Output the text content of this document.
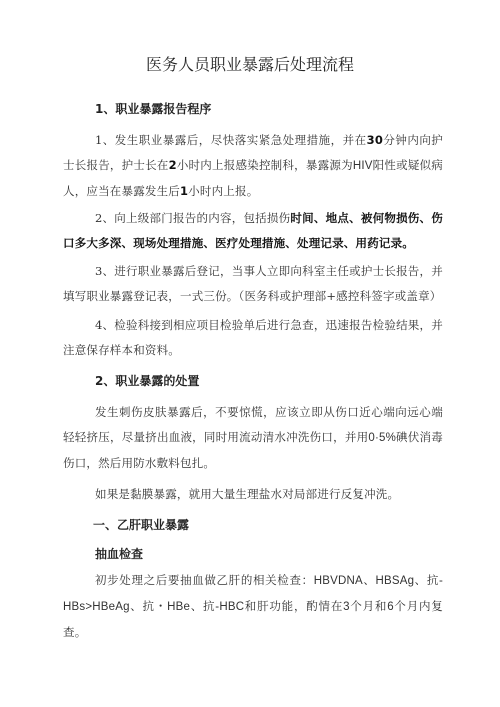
医务人员职业暴露后处理流程
1、职业暴露报告程序

1、发生职业暴露后，尽快落实紧急处理措施，并在30分钟内向护士长报告，护士长在2小时内上报感染控制科，暴露源为HIV阳性或疑似病人，应当在暴露发生后1小时内上报。

2、向上级部门报告的内容，包括损伤时间、地点、被何物损伤、伤口多大多深、现场处理措施、医疗处理措施、处理记录、用药记录。

3、进行职业暴露后登记，当事人立即向科室主任或护士长报告，并填写职业暴露登记表，一式三份。（医务科或护理部+感控科签字或盖章）

4、检验科接到相应项目检验单后进行急查，迅速报告检验结果，并注意保存样本和资料。

2、职业暴露的处置

发生刺伤皮肤暴露后，不要惊慌，应该立即从伤口近心端向远心端轻轻挤压，尽量挤出血液，同时用流动清水冲洗伤口，并用0·5%碘伏消毒伤口，然后用防水敷料包扎。

如果是黏膜暴露，就用大量生理盐水对局部进行反复冲洗。

一、乙肝职业暴露
抽血检查

初步处理之后要抽血做乙肝的相关检查：HBVDNA、HBSAg、抗-HBs>HBeAg、抗・HBe、抗-HBC和肝功能，酌情在3个月和6个月内复查。
